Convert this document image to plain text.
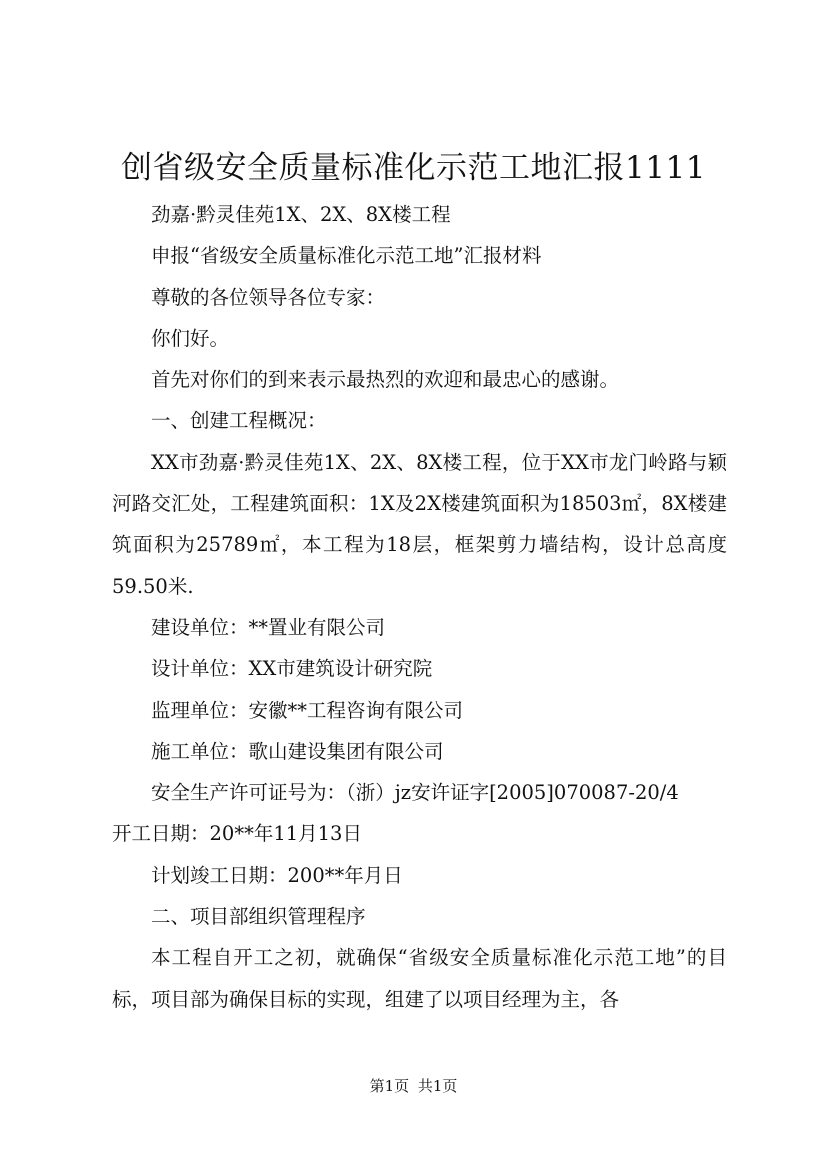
创省级安全质量标准化示范工地汇报1111

劲嘉·黔灵佳苑1X、2X、8X楼工程

申报“省级安全质量标准化示范工地”汇报材料

尊敬的各位领导各位专家：

你们好。

首先对你们的到来表示最热烈的欢迎和最忠心的感谢。

一、创建工程概况：

XX市劲嘉·黔灵佳苑1X、2X、8X楼工程，位于XX市龙门岭路与颖河路交汇处，工程建筑面积：1X及2X楼建筑面积为18503㎡，8X楼建筑面积为25789㎡，本工程为18层，框架剪力墙结构，设计总高度59.50米.

建设单位：**置业有限公司

设计单位：XX市建筑设计研究院

监理单位：安徽**工程咨询有限公司

施工单位：歌山建设集团有限公司

安全生产许可证号为：（浙）jz安许证字[2005]070087-20/4

开工日期：20**年11月13日

计划竣工日期：200**年月日

二、项目部组织管理程序

本工程自开工之初，就确保“省级安全质量标准化示范工地”的目标，项目部为确保目标的实现，组建了以项目经理为主，各

第1页 共1页
